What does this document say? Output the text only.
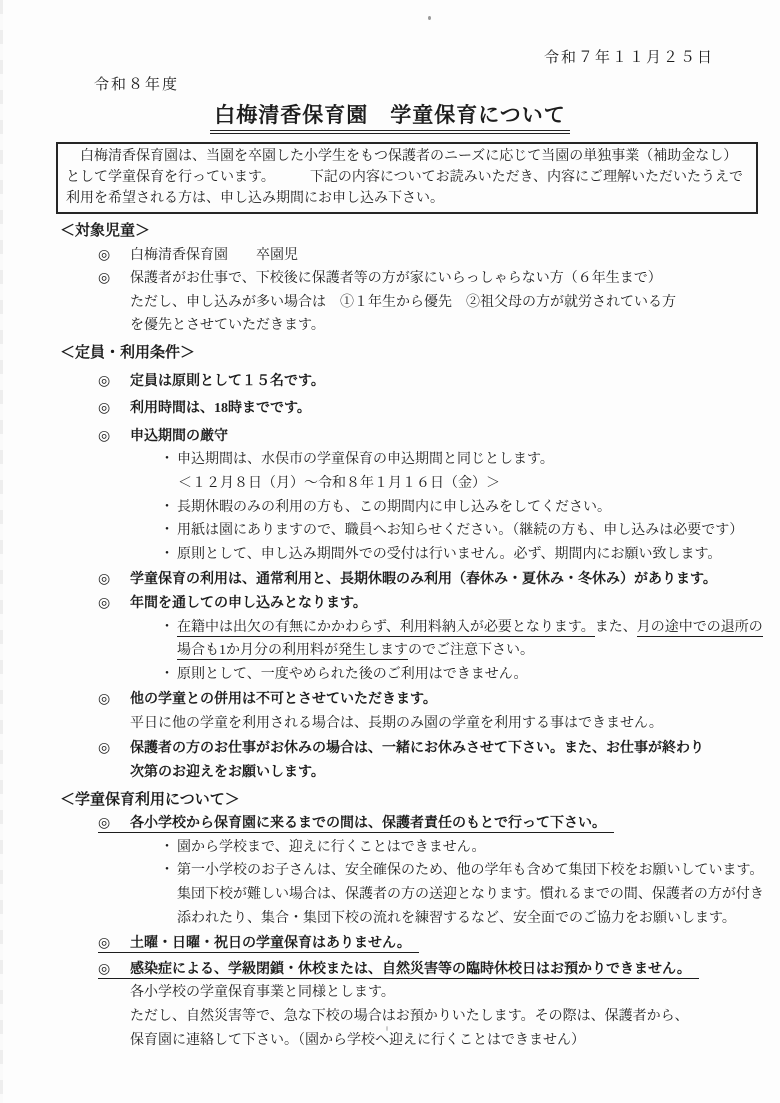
令和７年１１月２５日
令和８年度
白梅清香保育園　学童保育について
　白梅清香保育園は、当園を卒園した小学生をもつ保護者のニーズに応じて当園の単独事業（補助金なし）
として学童保育を行っています。　　　下記の内容についてお読みいただき、内容にご理解いただいたうえで
利用を希望される方は、申し込み期間にお申し込み下さい。
＜対象児童＞
◎ 白梅清香保育園　　卒園児
◎ 保護者がお仕事で、下校後に保護者等の方が家にいらっしゃらない方（６年生まで）
ただし、申し込みが多い場合は　①１年生から優先　②祖父母の方が就労されている方
を優先とさせていただきます。
＜定員・利用条件＞
◎ 定員は原則として１５名です。
◎ 利用時間は、18時までです。
◎ 申込期間の厳守
・ 申込期間は、水俣市の学童保育の申込期間と同じとします。
＜１２月８日（月）～令和８年１月１６日（金）＞
・ 長期休暇のみの利用の方も、この期間内に申し込みをしてください。
・ 用紙は園にありますので、職員へお知らせください。（継続の方も、申し込みは必要です）
・ 原則として、申し込み期間外での受付は行いません。必ず、期間内にお願い致します。
◎ 学童保育の利用は、通常利用と、長期休暇のみ利用（春休み・夏休み・冬休み）があります。
◎ 年間を通しての申し込みとなります。
・ 在籍中は出欠の有無にかかわらず、利用料納入が必要となります。また、月の途中での退所の
場合も1か月分の利用料が発生しますのでご注意下さい。
・ 原則として、一度やめられた後のご利用はできません。
◎ 他の学童との併用は不可とさせていただきます。
平日に他の学童を利用される場合は、長期のみ園の学童を利用する事はできません。
◎ 保護者の方のお仕事がお休みの場合は、一緒にお休みさせて下さい。また、お仕事が終わり
次第のお迎えをお願いします。
＜学童保育利用について＞
◎ 各小学校から保育園に来るまでの間は、保護者責任のもとで行って下さい。
・ 園から学校まで、迎えに行くことはできません。
・ 第一小学校のお子さんは、安全確保のため、他の学年も含めて集団下校をお願いしています。
集団下校が難しい場合は、保護者の方の送迎となります。慣れるまでの間、保護者の方が付き
添われたり、集合・集団下校の流れを練習するなど、安全面でのご協力をお願いします。
◎ 土曜・日曜・祝日の学童保育はありません。
◎ 感染症による、学級閉鎖・休校または、自然災害等の臨時休校日はお預かりできません。
各小学校の学童保育事業と同様とします。
ただし、自然災害等で、急な下校の場合はお預かりいたします。その際は、保護者から、
保育園に連絡して下さい。（園から学校へ迎えに行くことはできません）
